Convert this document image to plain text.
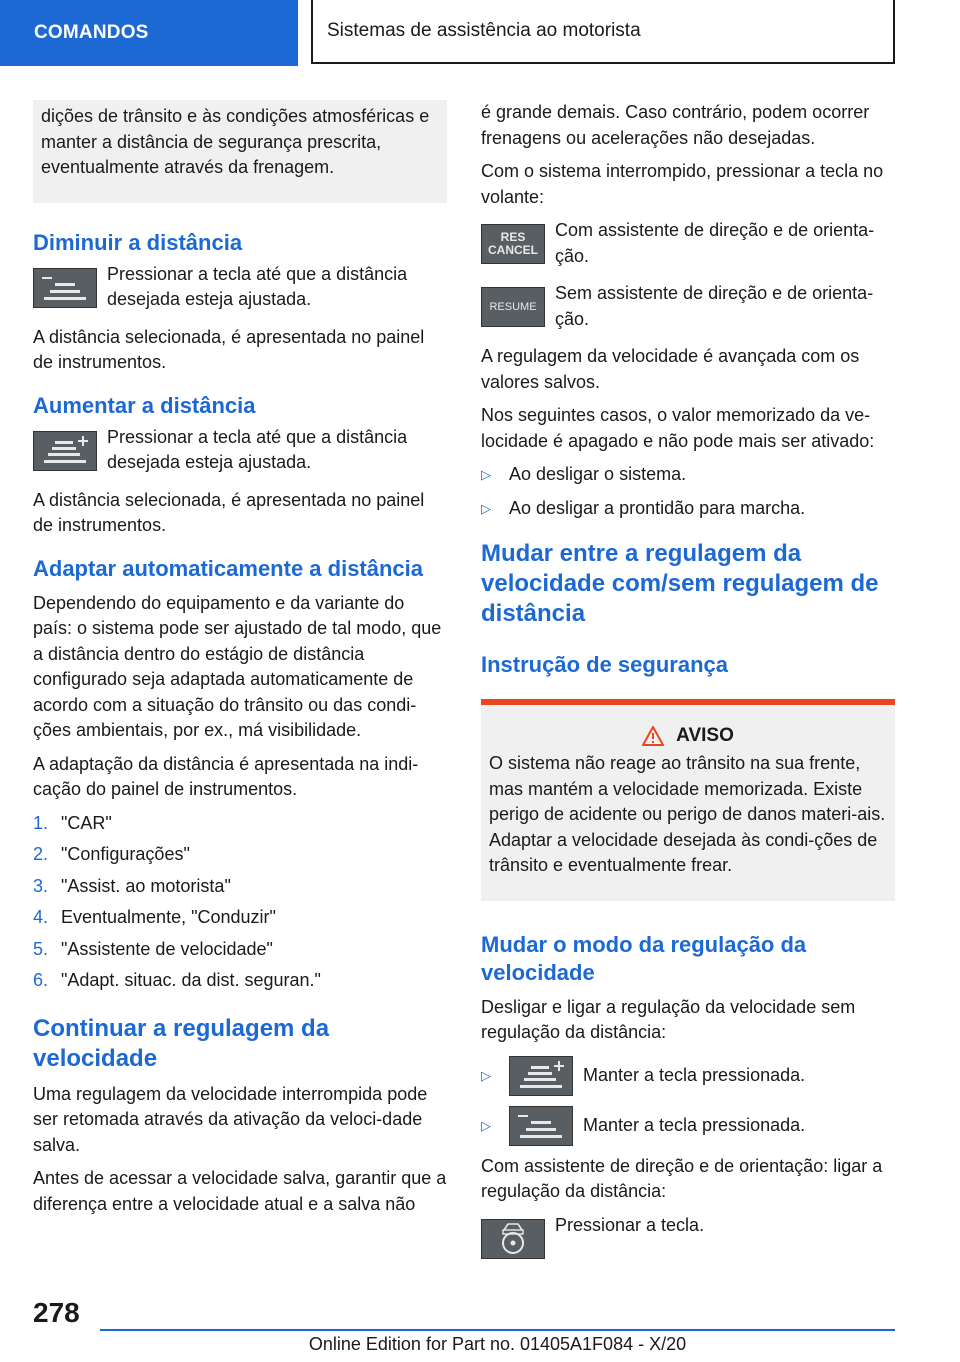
COMANDOS	Sistemas de assistência ao motorista

dições de trânsito e às condições atmosféricas e manter a distância de segurança prescrita, eventualmente através da frenagem.

Diminuir a distância

Pressionar a tecla até que a distância desejada esteja ajustada.

A distância selecionada, é apresentada no painel de instrumentos.

Aumentar a distância

Pressionar a tecla até que a distância desejada esteja ajustada.

A distância selecionada, é apresentada no painel de instrumentos.

Adaptar automaticamente a distância

Dependendo do equipamento e da variante do país: o sistema pode ser ajustado de tal modo, que a distância dentro do estágio de distância configurado seja adaptada automaticamente de acordo com a situação do trânsito ou das condi-ções ambientais, por ex., má visibilidade.

A adaptação da distância é apresentada na indi-cação do painel de instrumentos.

1. "CAR"
2. "Configurações"
3. "Assist. ao motorista"
4. Eventualmente, "Conduzir"
5. "Assistente de velocidade"
6. "Adapt. situac. da dist. seguran."
Continuar a regulagem da velocidade

Uma regulagem da velocidade interrompida pode ser retomada através da ativação da veloci-dade salva.

Antes de acessar a velocidade salva, garantir que a diferença entre a velocidade atual e a salva não

é grande demais. Caso contrário, podem ocorrer frenagens ou acelerações não desejadas.

Com o sistema interrompido, pressionar a tecla no volante:

RES
CANCEL

Com assistente de direção e de orienta-ção.

RESUME

Sem assistente de direção e de orienta-ção.

A regulagem da velocidade é avançada com os valores salvos.

Nos seguintes casos, o valor memorizado da ve-locidade é apagado e não pode mais ser ativado:

▷	Ao desligar o sistema.
▷	Ao desligar a prontidão para marcha.
Mudar entre a regulagem da velocidade com/sem regulagem de distância
Instrução de segurança
AVISO

O sistema não reage ao trânsito na sua frente, mas mantém a velocidade memorizada. Existe perigo de acidente ou perigo de danos materi-ais. Adaptar a velocidade desejada às condi-ções de trânsito e eventualmente frear.

Mudar o modo da regulação da velocidade

Desligar e ligar a regulação da velocidade sem regulação da distância:

▷	Manter a tecla pressionada.
▷	Manter a tecla pressionada.

Com assistente de direção e de orientação: ligar a regulação da distância:

Pressionar a tecla.

278
Online Edition for Part no. 01405A1F084 - X/20
